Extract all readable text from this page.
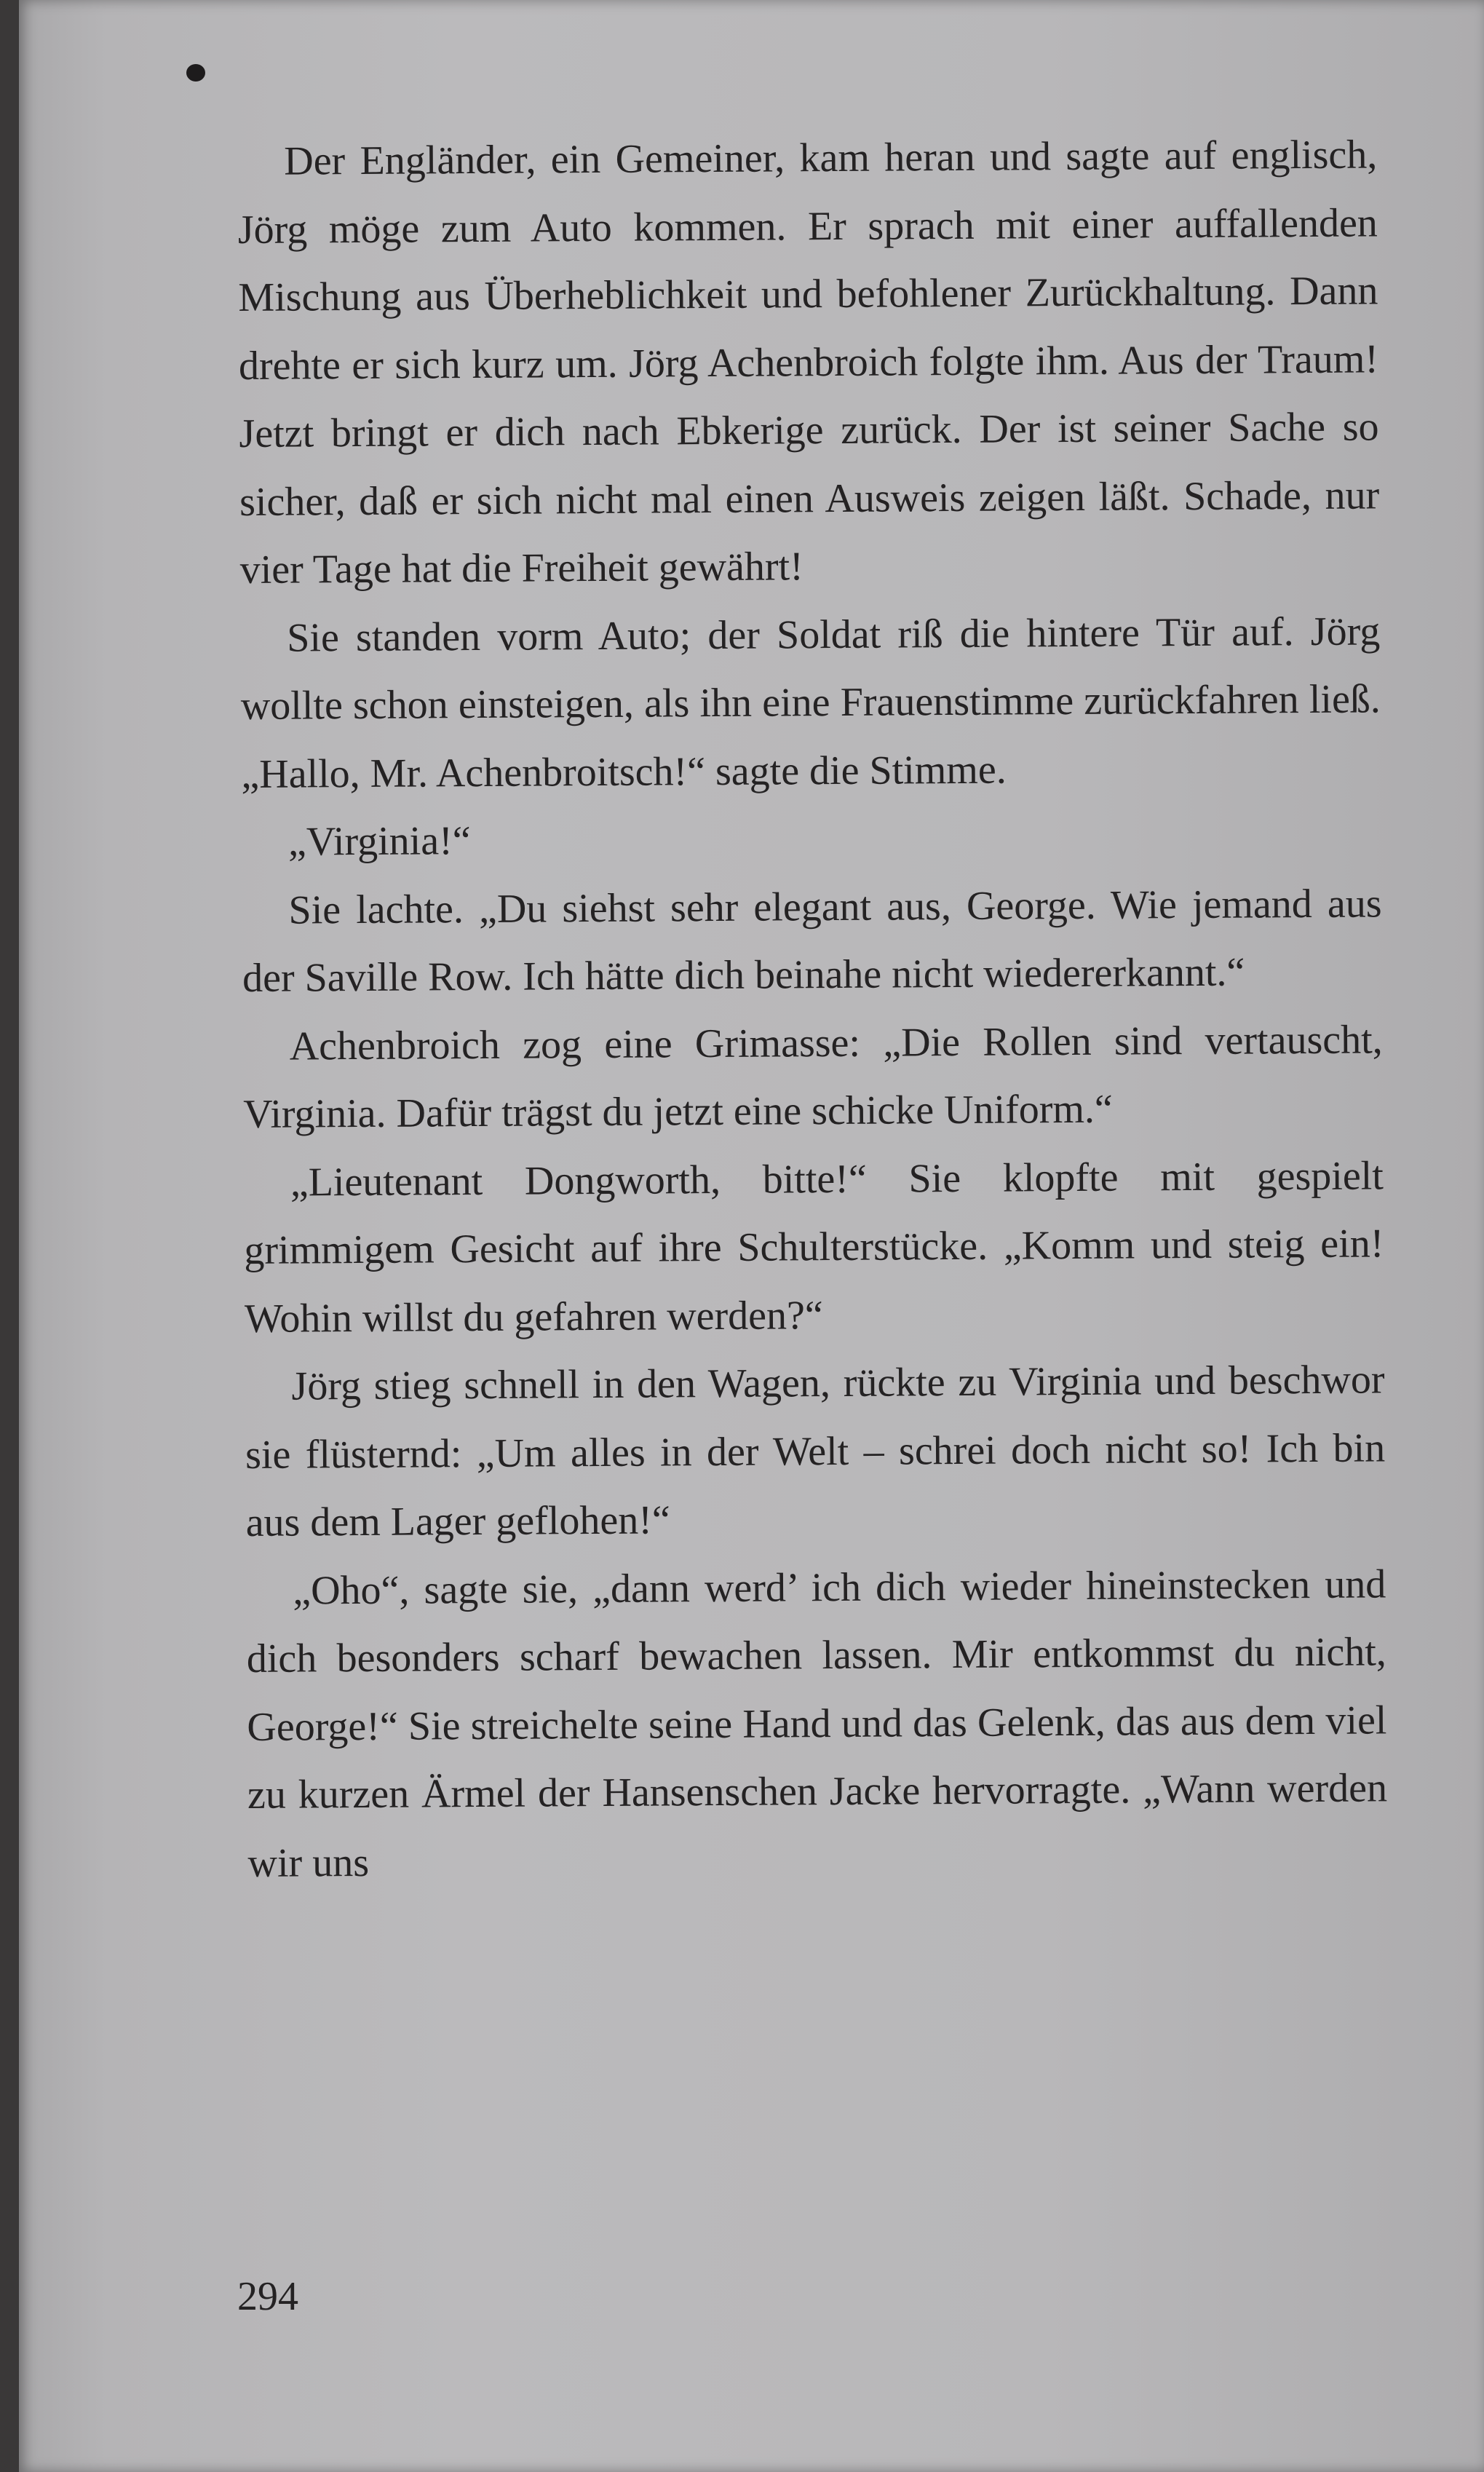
Der Engländer, ein Gemeiner, kam heran und sagte auf englisch, Jörg möge zum Auto kommen. Er sprach mit einer auffallenden Mischung aus Überheblichkeit und befohlener Zurückhaltung. Dann drehte er sich kurz um. Jörg Achenbroich folgte ihm. Aus der Traum! Jetzt bringt er dich nach Ebkerige zurück. Der ist seiner Sache so sicher, daß er sich nicht mal einen Ausweis zeigen läßt. Schade, nur vier Tage hat die Freiheit gewährt!

Sie standen vorm Auto; der Soldat riß die hintere Tür auf. Jörg wollte schon einsteigen, als ihn eine Frauenstimme zurückfahren ließ. „Hallo, Mr. Achenbroitsch!“ sagte die Stimme.

„Virginia!“

Sie lachte. „Du siehst sehr elegant aus, George. Wie jemand aus der Saville Row. Ich hätte dich beinahe nicht wiedererkannt.“

Achenbroich zog eine Grimasse: „Die Rollen sind vertauscht, Virginia. Dafür trägst du jetzt eine schicke Uniform.“

„Lieutenant Dongworth, bitte!“ Sie klopfte mit gespielt grimmigem Gesicht auf ihre Schulterstücke. „Komm und steig ein! Wohin willst du gefahren werden?“

Jörg stieg schnell in den Wagen, rückte zu Virginia und beschwor sie flüsternd: „Um alles in der Welt – schrei doch nicht so! Ich bin aus dem Lager geflohen!“

„Oho“, sagte sie, „dann werd’ ich dich wieder hineinstecken und dich besonders scharf bewachen lassen. Mir entkommst du nicht, George!“ Sie streichelte seine Hand und das Gelenk, das aus dem viel zu kurzen Ärmel der Hansenschen Jacke hervorragte. „Wann werden wir uns

294
